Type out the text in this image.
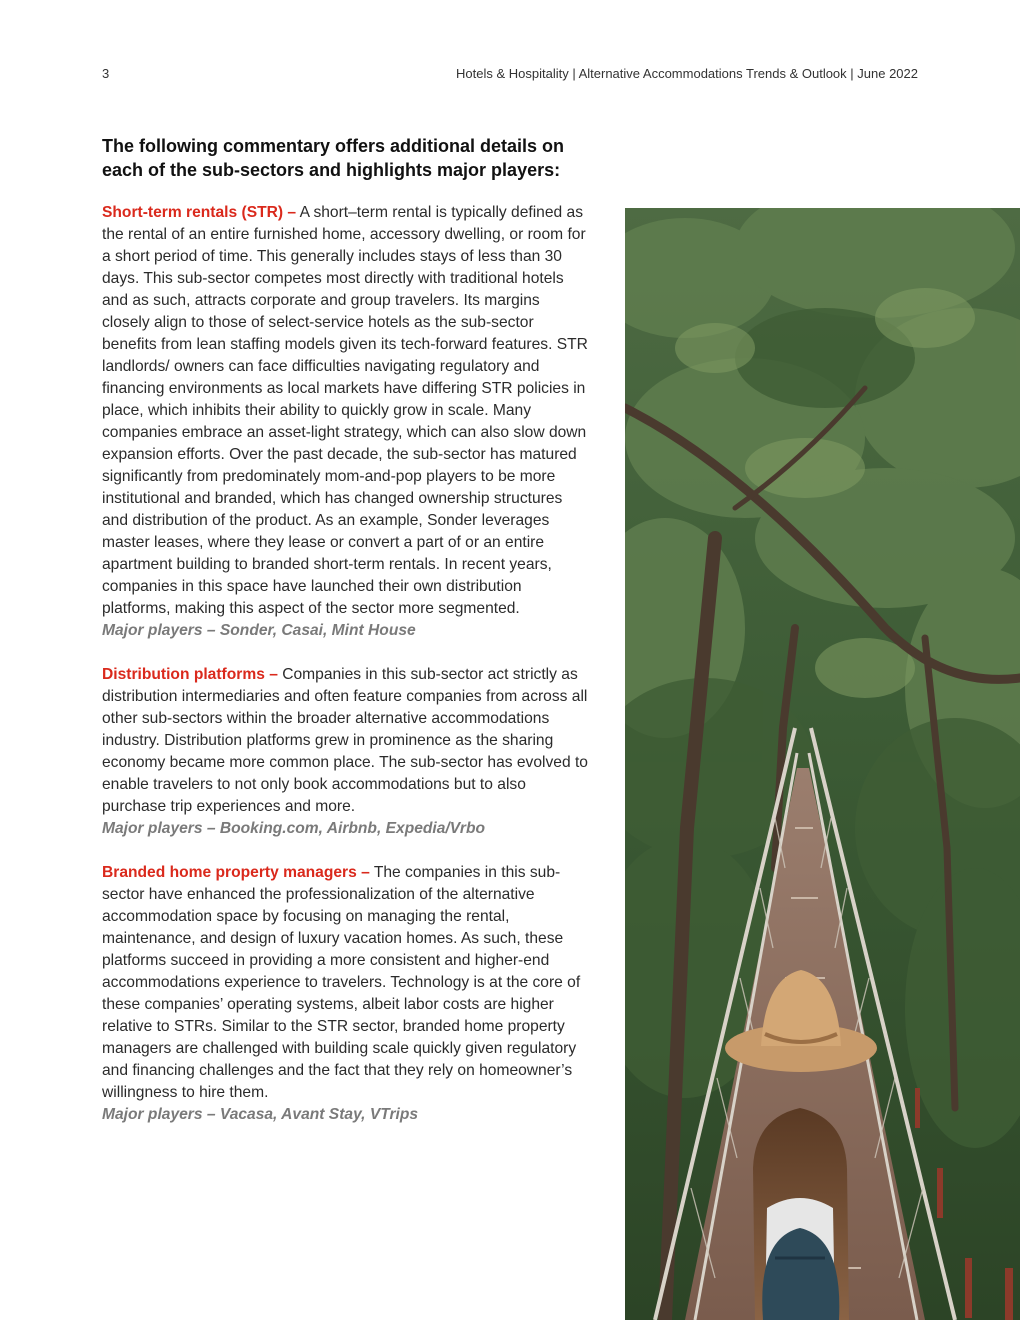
3	Hotels & Hospitality | Alternative Accommodations Trends & Outlook | June 2022

The following commentary offers additional details on each of the sub-sectors and highlights major players:

Short-term rentals (STR) – A short–term rental is typically defined as the rental of an entire furnished home, accessory dwelling, or room for a short period of time. This generally includes stays of less than 30 days. This sub-sector competes most directly with traditional hotels and as such, attracts corporate and group travelers. Its margins closely align to those of select-service hotels as the sub-sector benefits from lean staffing models given its tech-forward features. STR landlords/ owners can face difficulties navigating regulatory and financing environments as local markets have differing STR policies in place, which inhibits their ability to quickly grow in scale. Many companies embrace an asset-light strategy, which can also slow down expansion efforts. Over the past decade, the sub-sector has matured significantly from predominately mom-and-pop players to be more institutional and branded, which has changed ownership structures and distribution of the product. As an example, Sonder leverages master leases, where they lease or convert a part of or an entire apartment building to branded short-term rentals. In recent years, companies in this space have launched their own distribution platforms, making this aspect of the sector more segmented.

Major players – Sonder, Casai, Mint House

Distribution platforms – Companies in this sub-sector act strictly as distribution intermediaries and often feature companies from across all other sub-sectors within the broader alternative accommodations industry. Distribution platforms grew in prominence as the sharing economy became more common place. The sub-sector has evolved to enable travelers to not only book accommodations but to also purchase trip experiences and more.

Major players – Booking.com, Airbnb, Expedia/Vrbo

Branded home property managers – The companies in this sub-sector have enhanced the professionalization of the alternative accommodation space by focusing on managing the rental, maintenance, and design of luxury vacation homes. As such, these platforms succeed in providing a more consistent and higher-end accommodations experience to travelers. Technology is at the core of these companies’ operating systems, albeit labor costs are higher relative to STRs. Similar to the STR sector, branded home property managers are challenged with building scale quickly given regulatory and financing challenges and the fact that they rely on homeowner’s willingness to hire them.

Major players – Vacasa, Avant Stay, VTrips
